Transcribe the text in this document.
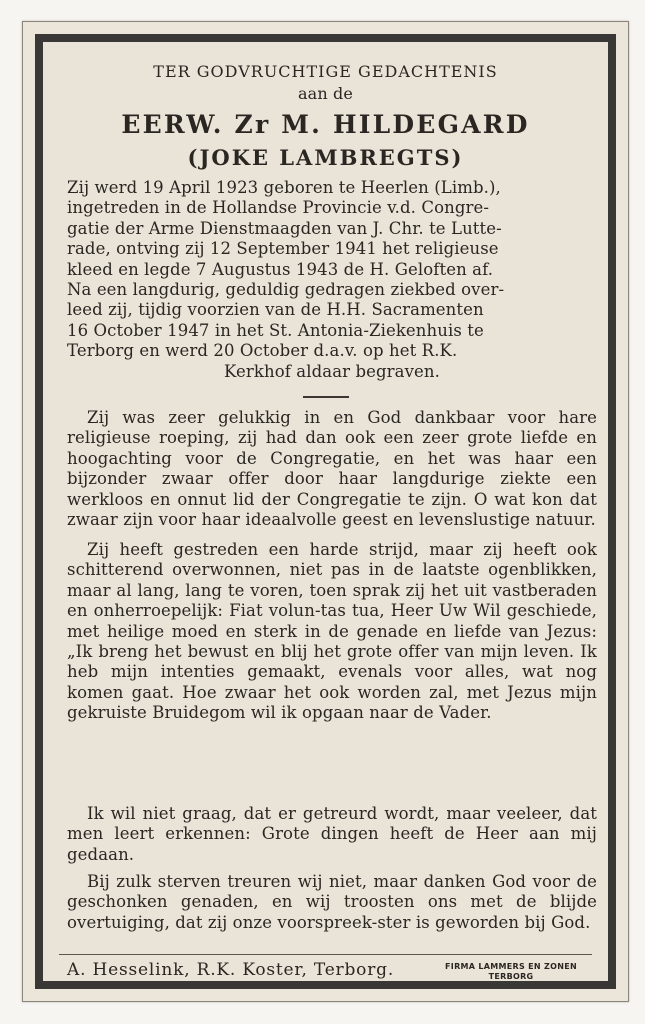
TER GODVRUCHTIGE GEDACHTENIS
aan de
EERW. Zr M. HILDEGARD
(JOKE LAMBREGTS)
Zij werd 19 April 1923 geboren te Heerlen (Limb.),
ingetreden in de Hollandse Provincie v.d. Congre-
gatie der Arme Dienstmaagden van J. Chr. te Lutte-
rade, ontving zij 12 September 1941 het religieuse
kleed en legde 7 Augustus 1943 de H. Geloften af.
Na een langdurig, geduldig gedragen ziekbed over-
leed zij, tijdig voorzien van de H.H. Sacramenten
16 October 1947 in het St. Antonia-Ziekenhuis te
Terborg en werd 20 October d.a.v. op het R.K.
Kerkhof aldaar begraven.
Zij was zeer gelukkig in en God dankbaar voor hare religieuse roeping, zij had dan ook een zeer grote liefde en hoogachting voor de Congregatie, en het was haar een bijzonder zwaar offer door haar langdurige ziekte een werkloos en onnut lid der Congregatie te zijn. O wat kon dat zwaar zijn voor haar ideaalvolle geest en levenslustige natuur.
Zij heeft gestreden een harde strijd, maar zij heeft ook schitterend overwonnen, niet pas in de laatste ogenblikken, maar al lang, lang te voren, toen sprak zij het uit vastberaden en onherroepelijk: Fiat volun-tas tua, Heer Uw Wil geschiede, met heilige moed en sterk in de genade en liefde van Jezus: „Ik breng het bewust en blij het grote offer van mijn leven. Ik heb mijn intenties gemaakt, evenals voor alles, wat nog komen gaat. Hoe zwaar het ook worden zal, met Jezus mijn gekruiste Bruidegom wil ik opgaan naar de Vader.
Ik wil niet graag, dat er getreurd wordt, maar veeleer, dat men leert erkennen: Grote dingen heeft de Heer aan mij gedaan.
Bij zulk sterven treuren wij niet, maar danken God voor de geschonken genaden, en wij troosten ons met de blijde overtuiging, dat zij onze voorspreek-ster is geworden bij God.
A. Hesselink, R.K. Koster, Terborg.	FIRMA LAMMERS EN ZONEN
TERBORG
